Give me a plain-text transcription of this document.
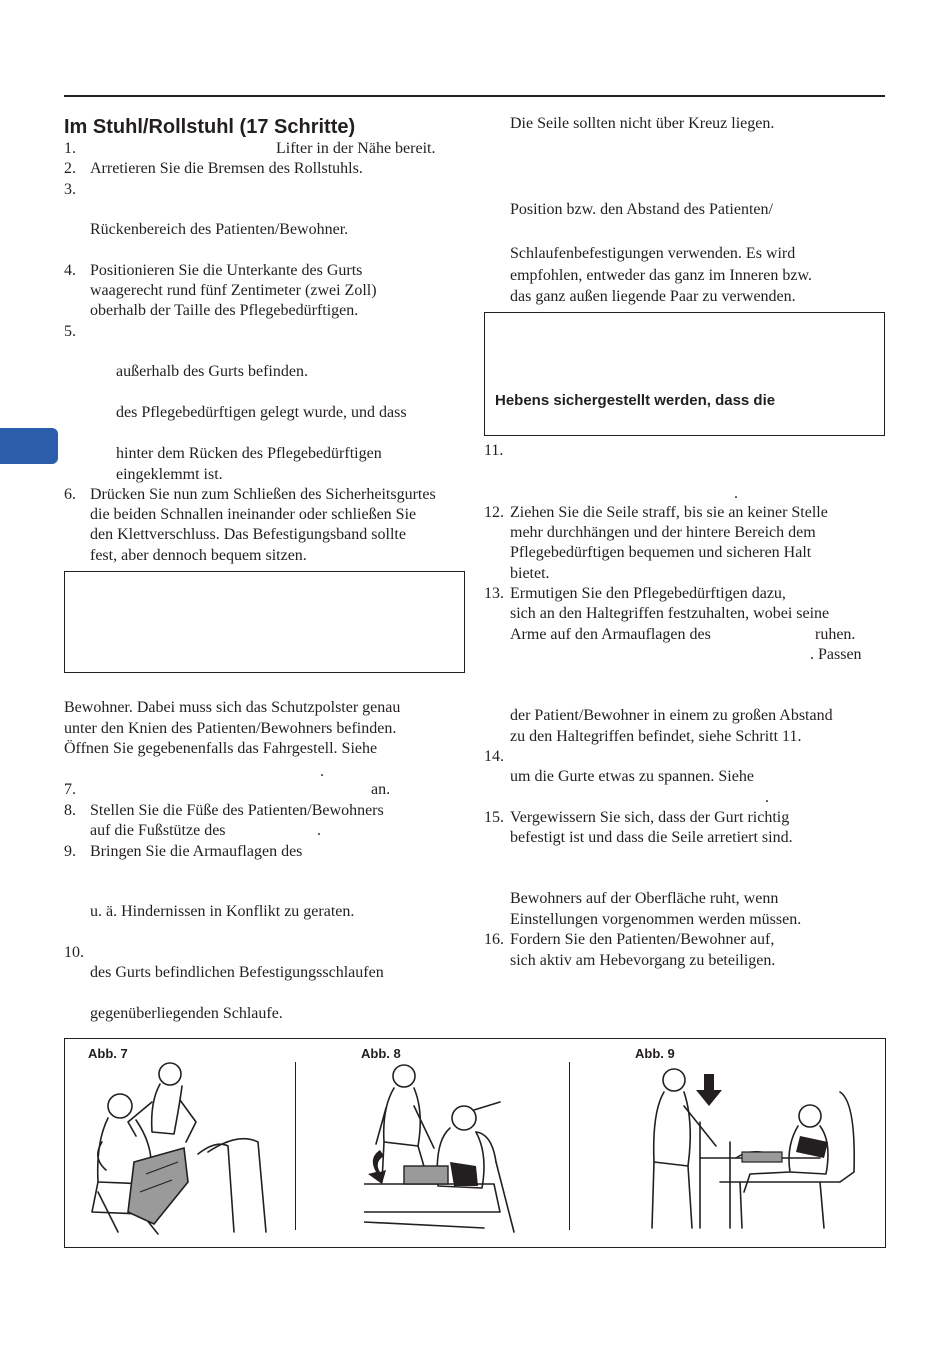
Im Stuhl/Rollstuhl (17 Schritte)
1.	Lifter in der Nähe bereit.
2. Arretieren Sie die Bremsen des Rollstuhls.
3.
Rückenbereich des Patienten/Bewohner.
4. Positionieren Sie die Unterkante des Gurts
waagerecht rund fünf Zentimeter (zwei Zoll)
oberhalb der Taille des Pflegebedürftigen.
5.
außerhalb des Gurts befinden.
des Pflegebedürftigen gelegt wurde, und dass
hinter dem Rücken des Pflegebedürftigen
eingeklemmt ist.
6. Drücken Sie nun zum Schließen des Sicherheitsgurtes
die beiden Schnallen ineinander oder schließen Sie
den Klettverschluss. Das Befestigungsband sollte
fest, aber dennoch bequem sitzen.
Bewohner. Dabei muss sich das Schutzpolster genau
unter den Knien des Patienten/Bewohners befinden.
Öffnen Sie gegebenenfalls das Fahrgestell. Siehe
.
7.	an.
8. Stellen Sie die Füße des Patienten/Bewohners
auf die Fußstütze des	.
9. Bringen Sie die Armauflagen des
u. ä. Hindernissen in Konflikt zu geraten.
10.
des Gurts befindlichen Befestigungsschlaufen
gegenüberliegenden Schlaufe.
Die Seile sollten nicht über Kreuz liegen.
Position bzw. den Abstand des Patienten/
Schlaufenbefestigungen verwenden. Es wird
empfohlen, entweder das ganz im Inneren bzw.
das ganz außen liegende Paar zu verwenden.
Hebens sichergestellt werden, dass die
11.
.
12. Ziehen Sie die Seile straff, bis sie an keiner Stelle
mehr durchhängen und der hintere Bereich dem
Pflegebedürftigen bequemen und sicheren Halt
bietet.
13. Ermutigen Sie den Pflegebedürftigen dazu,
sich an den Haltegriffen festzuhalten, wobei seine
Arme auf den Armauflagen des	ruhen.
. Passen
der Patient/Bewohner in einem zu großen Abstand
zu den Haltegriffen befindet, siehe Schritt 11.
14.
um die Gurte etwas zu spannen. Siehe
.
15. Vergewissern Sie sich, dass der Gurt richtig
befestigt ist und dass die Seile arretiert sind.
Bewohners auf der Oberfläche ruht, wenn
Einstellungen vorgenommen werden müssen.
16. Fordern Sie den Patienten/Bewohner auf,
sich aktiv am Hebevorgang zu beteiligen.
Abb. 7	Abb. 8	Abb. 9
